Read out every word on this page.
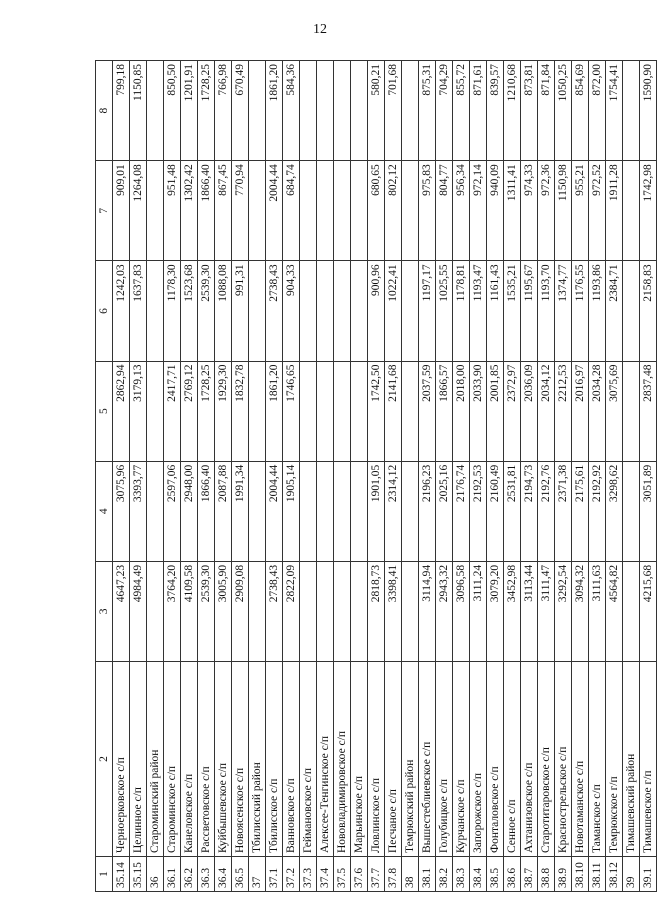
12
1	2	3	4	5	6	7	8
35.14	Черноерковское с/п	4647,23	3075,96	2862,94	1242,03	909,01	799,18
35.15	Целинное с/п	4984,49	3393,77	3179,13	1637,83	1264,08	1150,85
36	Староминский район						
36.1	Староминское с/п	3764,20	2597,06	2417,71	1178,30	951,48	850,50
36.2	Канеловское с/п	4109,58	2948,00	2769,12	1523,68	1302,42	1201,91
36.3	Рассветовское с/п	2539,30	1866,40	1728,25	2539,30	1866,40	1728,25
36.4	Куйбышевское с/п	3005,90	2087,88	1929,30	1088,08	867,45	766,98
36.5	Новоясенское с/п	2909,08	1991,34	1832,78	991,31	770,94	670,49
37	Тбилисский район						
37.1	Тбилисское с/п	2738,43	2004,44	1861,20	2738,43	2004,44	1861,20
37.2	Ванновское с/п	2822,09	1905,14	1746,65	904,33	684,74	584,36
37.3	Геймановское с/п						
37.4	Алексее-Тенгинское с/п						
37.5	Нововладимировское с/п						
37.6	Марьинское с/п						
37.7	Ловлинское с/п	2818,73	1901,05	1742,50	900,96	680,65	580,21
37.8	Песчаное с/п	3398,41	2314,12	2141,68	1022,41	802,12	701,68
38	Темрюкский район						
38.1	Вышестеблиевское с/п	3114,94	2196,23	2037,59	1197,17	975,83	875,31
38.2	Голубицкое с/п	2943,32	2025,16	1866,57	1025,55	804,77	704,29
38.3	Курчанское с/п	3096,58	2176,74	2018,00	1178,81	956,34	855,72
38.4	Запорожское с/п	3111,24	2192,53	2033,90	1193,47	972,14	871,61
38.5	Фонталовское с/п	3079,20	2160,49	2001,85	1161,43	940,09	839,57
38.6	Сенное с/п	3452,98	2531,81	2372,97	1535,21	1311,41	1210,68
38.7	Ахтанизовское с/п	3113,44	2194,73	2036,09	1195,67	974,33	873,81
38.8	Старотитаровское с/п	3111,47	2192,76	2034,12	1193,70	972,36	871,84
38.9	Краснострельское с/п	3292,54	2371,38	2212,53	1374,77	1150,98	1050,25
38.10	Новотаманское с/п	3094,32	2175,61	2016,97	1176,55	955,21	854,69
38.11	Таманское с/п	3111,63	2192,92	2034,28	1193,86	972,52	872,00
38.12	Темрюкское г/п	4564,82	3298,62	3075,69	2384,71	1911,28	1754,41
39	Тимашевский район						
39.1	Тимашевское г/п	4215,68	3051,89	2837,48	2158,83	1742,98	1590,90
